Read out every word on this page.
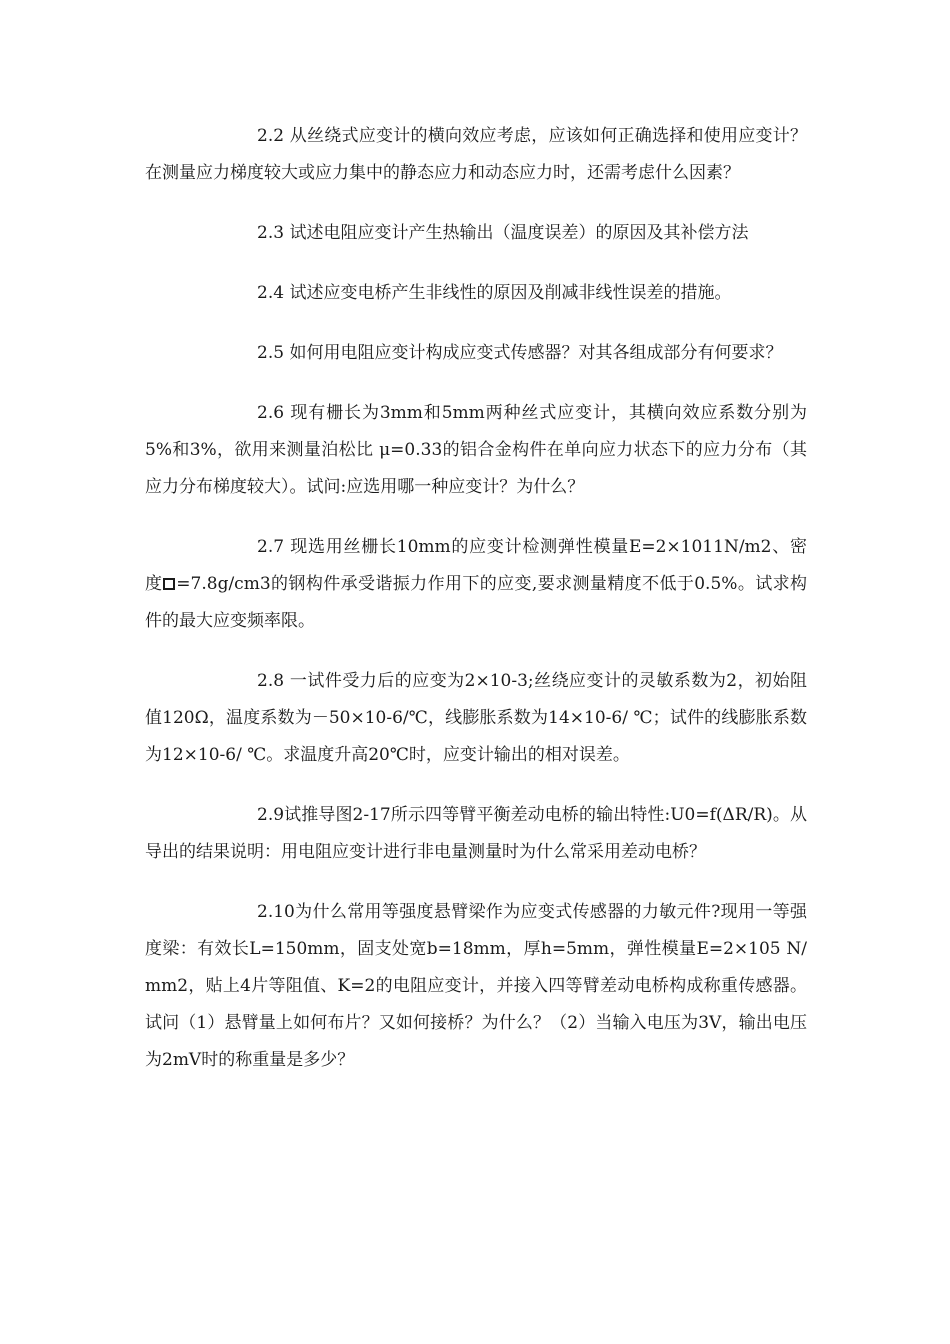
2.2 从丝绕式应变计的横向效应考虑，应该如何正确选择和使用应变计？在测量应力梯度较大或应力集中的静态应力和动态应力时，还需考虑什么因素？

2.3 试述电阻应变计产生热输出（温度误差）的原因及其补偿方法

2.4 试述应变电桥产生非线性的原因及削减非线性误差的措施。

2.5 如何用电阻应变计构成应变式传感器？对其各组成部分有何要求？

2.6 现有栅长为3mm和5mm两种丝式应变计，其横向效应系数分别为5%和3%，欲用来测量泊松比 μ=0.33的铝合金构件在单向应力状态下的应力分布（其应力分布梯度较大）。试问:应选用哪一种应变计？为什么？

2.7 现选用丝栅长10mm的应变计检测弹性模量E=2×1011N/m2、密度 =7.8g/cm3的钢构件承受谐振力作用下的应变,要求测量精度不低于0.5%。试求构件的最大应变频率限。

2.8 一试件受力后的应变为2×10-3;丝绕应变计的灵敏系数为2，初始阻值120Ω，温度系数为－50×10-6/℃，线膨胀系数为14×10-6/ ℃；试件的线膨胀系数为12×10-6/ ℃。求温度升高20℃时，应变计输出的相对误差。

2.9试推导图2-17所示四等臂平衡差动电桥的输出特性:U0=f(ΔR/R)。从导出的结果说明：用电阻应变计进行非电量测量时为什么常采用差动电桥？

2.10为什么常用等强度悬臂梁作为应变式传感器的力敏元件?现用一等强度梁：有效长L=150mm，固支处宽b=18mm，厚h=5mm，弹性模量E=2×105 N/mm2，贴上4片等阻值、K=2的电阻应变计，并接入四等臂差动电桥构成称重传感器。试问（1）悬臂量上如何布片？又如何接桥？为什么？（2）当输入电压为3V，输出电压为2mV时的称重量是多少？
